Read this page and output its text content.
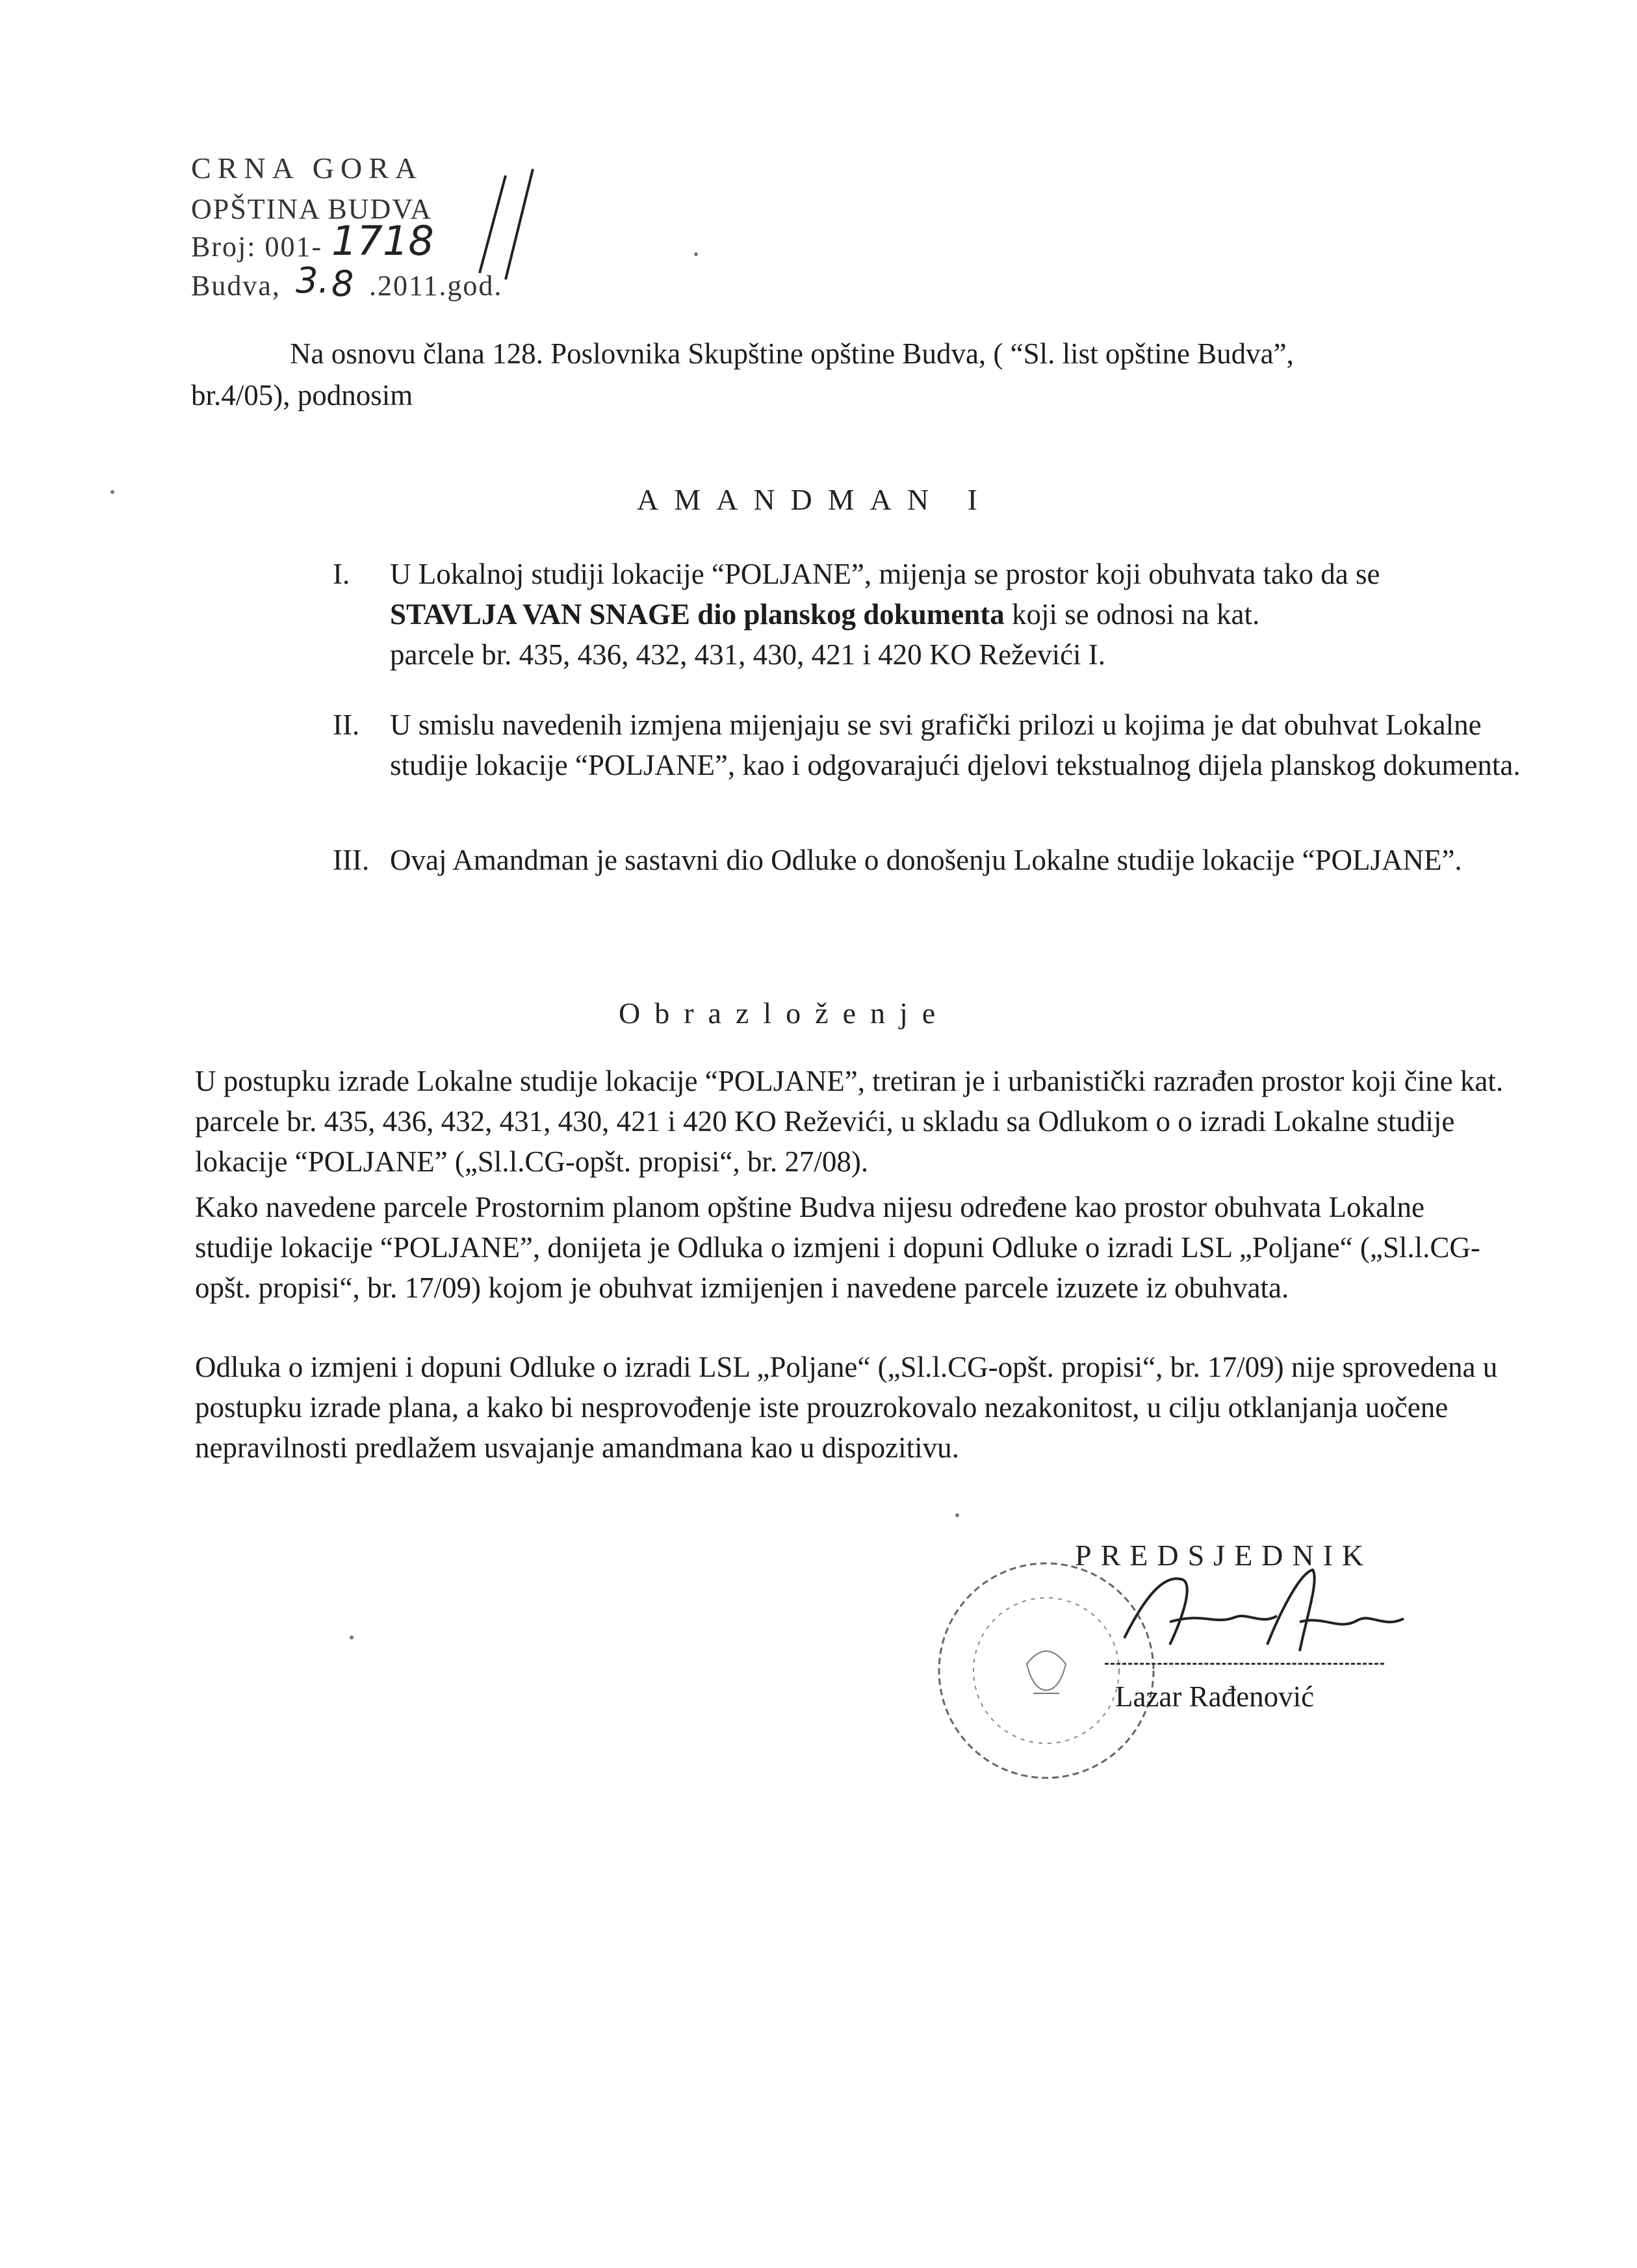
CRNA GORA
OPŠTINA BUDVA
Broj: 001- 1718
Budva, 3. 8 .2011.god.
Na osnovu člana 128. Poslovnika Skupštine opštine Budva, ( “Sl. list opštine Budva”,
br.4/05), podnosim
AMANDMAN I
I. U Lokalnoj studiji lokacije “POLJANE”, mijenja se prostor koji obuhvata tako da se
STAVLJA VAN SNAGE dio planskog dokumenta koji se odnosi na kat.
parcele br. 435, 436, 432, 431, 430, 421 i 420 KO Reževići I.
II. U smislu navedenih izmjena mijenjaju se svi grafički prilozi u kojima je dat obuhvat Lokalne studije lokacije “POLJANE”, kao i odgovarajući djelovi tekstualnog dijela planskog dokumenta.
III. Ovaj Amandman je sastavni dio Odluke o donošenju Lokalne studije lokacije “POLJANE”.
Obrazloženje
U postupku izrade Lokalne studije lokacije “POLJANE”, tretiran je i urbanistički razrađen prostor koji čine kat. parcele br. 435, 436, 432, 431, 430, 421 i 420 KO Reževići, u skladu sa Odlukom o o izradi Lokalne studije lokacije “POLJANE” („Sl.l.CG-opšt. propisi“, br. 27/08).
Kako navedene parcele Prostornim planom opštine Budva nijesu određene kao prostor obuhvata Lokalne studije lokacije “POLJANE”, donijeta je Odluka o izmjeni i dopuni Odluke o izradi LSL „Poljane“ („Sl.l.CG-opšt. propisi“, br. 17/09) kojom je obuhvat izmijenjen i navedene parcele izuzete iz obuhvata.
Odluka o izmjeni i dopuni Odluke o izradi LSL „Poljane“ („Sl.l.CG-opšt. propisi“, br. 17/09) nije sprovedena u postupku izrade plana, a kako bi nesprovođenje iste prouzrokovalo nezakonitost, u cilju otklanjanja uočene nepravilnosti predlažem usvajanje amandmana kao u dispozitivu.
PREDSJEDNIK
Lazar Rađenović
